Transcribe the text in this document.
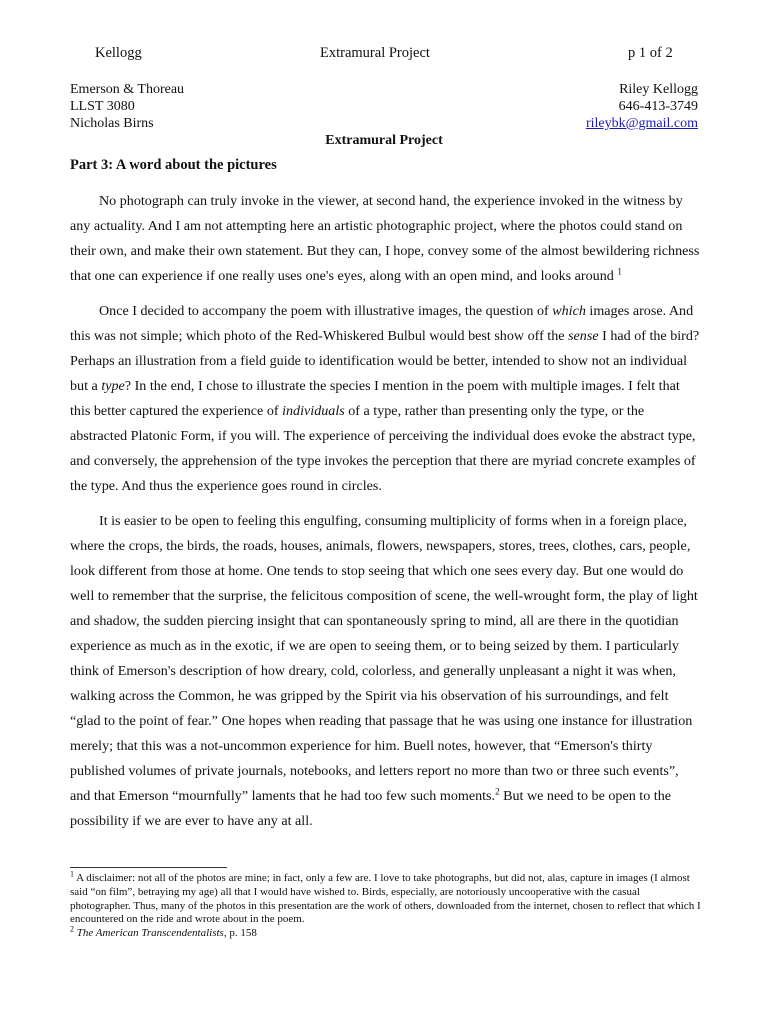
Kellogg	Extramural Project	p 1 of 2
Emerson & Thoreau
LLST 3080
Nicholas Birns
Riley Kellogg
646-413-3749
rileybk@gmail.com
Extramural Project
Part 3: A word about the pictures

No photograph can truly invoke in the viewer, at second hand, the experience invoked in the witness by any actuality. And I am not attempting here an artistic photographic project, where the photos could stand on their own, and make their own statement. But they can, I hope, convey some of the almost bewildering richness that one can experience if one really uses one's eyes, along with an open mind, and looks around $^1$

Once I decided to accompany the poem with illustrative images, the question of which images arose. And this was not simple; which photo of the Red-Whiskered Bulbul would best show off the sense I had of the bird? Perhaps an illustration from a field guide to identification would be better, intended to show not an individual but a type? In the end, I chose to illustrate the species I mention in the poem with multiple images. I felt that this better captured the experience of individuals of a type, rather than presenting only the type, or the abstracted Platonic Form, if you will. The experience of perceiving the individual does evoke the abstract type, and conversely, the apprehension of the type invokes the perception that there are myriad concrete examples of the type. And thus the experience goes round in circles.

It is easier to be open to feeling this engulfing, consuming multiplicity of forms when in a foreign place, where the crops, the birds, the roads, houses, animals, flowers, newspapers, stores, trees, clothes, cars, people, look different from those at home. One tends to stop seeing that which one sees every day. But one would do well to remember that the surprise, the felicitous composition of scene, the well-wrought form, the play of light and shadow, the sudden piercing insight that can spontaneously spring to mind, all are there in the quotidian experience as much as in the exotic, if we are open to seeing them, or to being seized by them. I particularly think of Emerson's description of how dreary, cold, colorless, and generally unpleasant a night it was when, walking across the Common, he was gripped by the Spirit via his observation of his surroundings, and felt “glad to the point of fear.” One hopes when reading that passage that he was using one instance for illustration merely; that this was a not-uncommon experience for him. Buell notes, however, that “Emerson's thirty published volumes of private journals, notebooks, and letters report no more than two or three such events”, and that Emerson “mournfully” laments that he had too few such moments.$^2$ But we need to be open to the possibility if we are ever to have any at all.

$^1$ A disclaimer: not all of the photos are mine; in fact, only a few are. I love to take photographs, but did not, alas, capture in images (I almost said “on film”, betraying my age) all that I would have wished to. Birds, especially, are notoriously uncooperative with the casual photographer. Thus, many of the photos in this presentation are the work of others, downloaded from the internet, chosen to reflect that which I encountered on the ride and wrote about in the poem.

$^2$ The American Transcendentalists, p. 158
